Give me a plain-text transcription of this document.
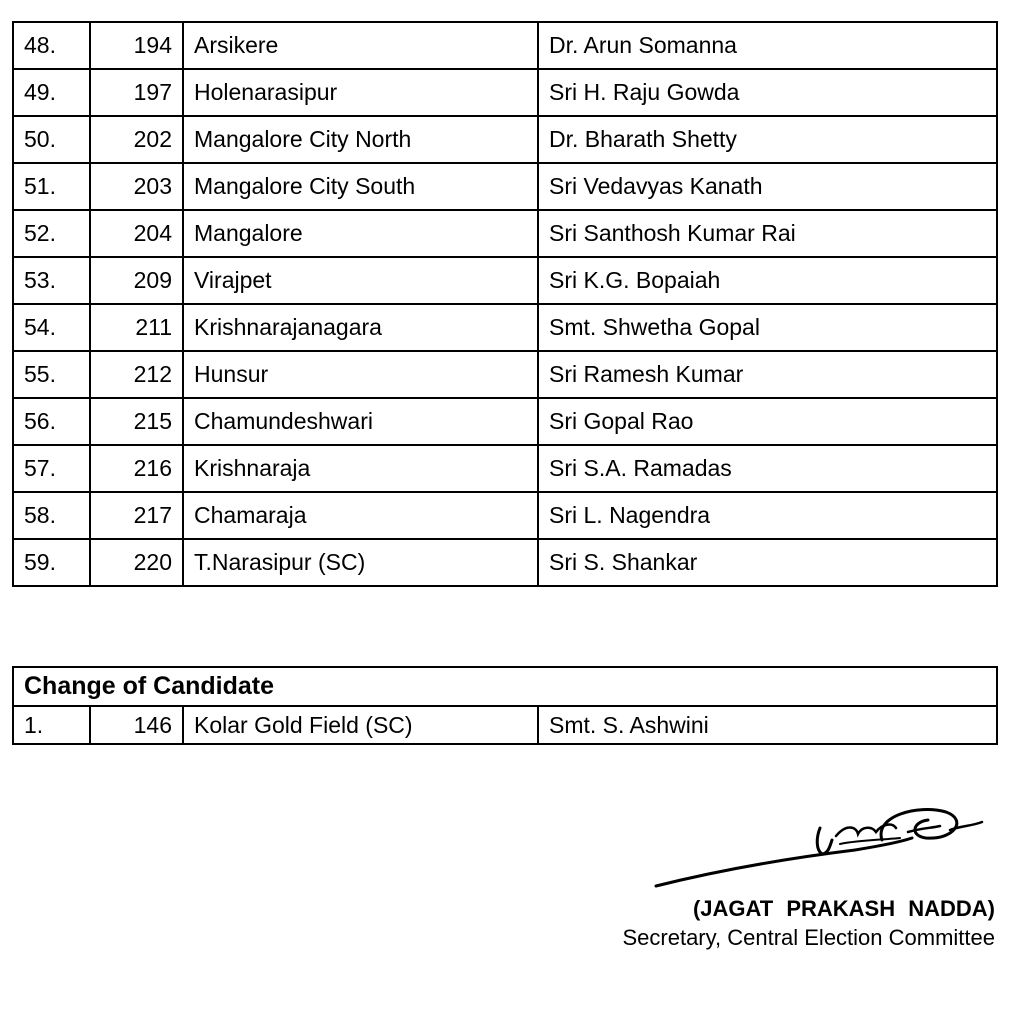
48.	194	Arsikere	Dr. Arun Somanna
49.	197	Holenarasipur	Sri H. Raju Gowda
50.	202	Mangalore City North	Dr. Bharath Shetty
51.	203	Mangalore City South	Sri Vedavyas Kanath
52.	204	Mangalore	Sri Santhosh Kumar Rai
53.	209	Virajpet	Sri K.G. Bopaiah
54.	211	Krishnarajanagara	Smt. Shwetha Gopal
55.	212	Hunsur	Sri Ramesh Kumar
56.	215	Chamundeshwari	Sri Gopal Rao
57.	216	Krishnaraja	Sri S.A. Ramadas
58.	217	Chamaraja	Sri L. Nagendra
59.	220	T.Narasipur (SC)	Sri S. Shankar
Change of Candidate
1.	146	Kolar Gold Field (SC)	Smt. S. Ashwini
(JAGAT PRAKASH NADDA)
Secretary, Central Election Committee
